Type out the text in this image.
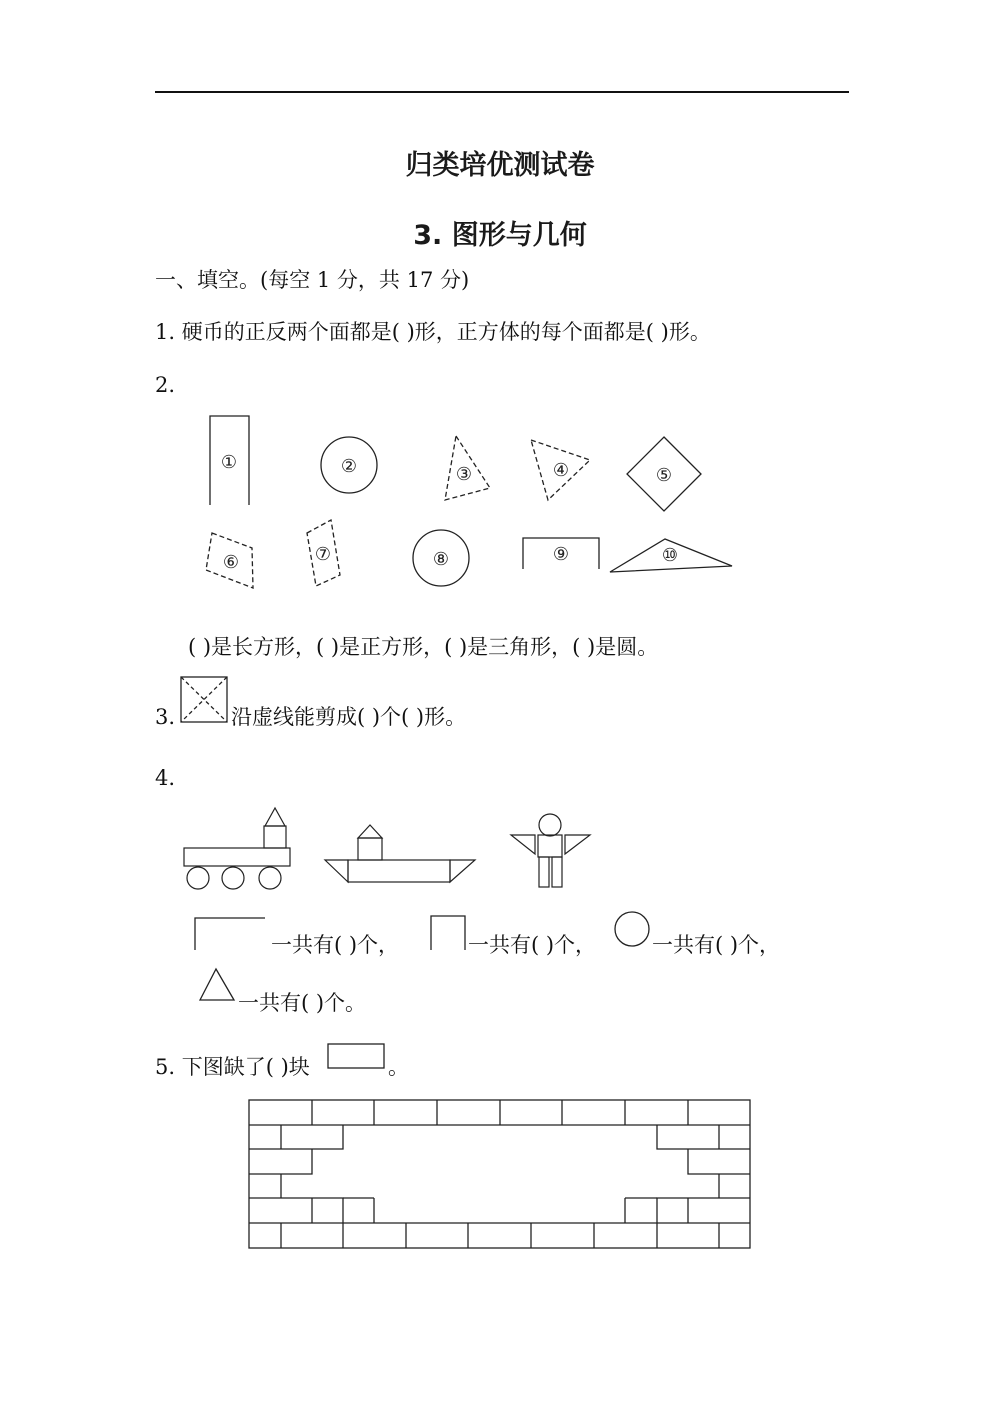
归类培优测试卷
3. 图形与几何
一、填空。(每空 1 分，共 17 分)
1. 硬币的正反两个面都是( )形，正方体的每个面都是( )形。
2.
①	②	③	④	⑤
⑥	⑦	⑧	⑨	⑩
( )是长方形，( )是正方形，( )是三角形，( )是圆。
3.	沿虚线能剪成( )个( )形。
4.
一共有( )个，	一共有( )个，	一共有( )个，
一共有( )个。
5. 下图缺了( )块	。
